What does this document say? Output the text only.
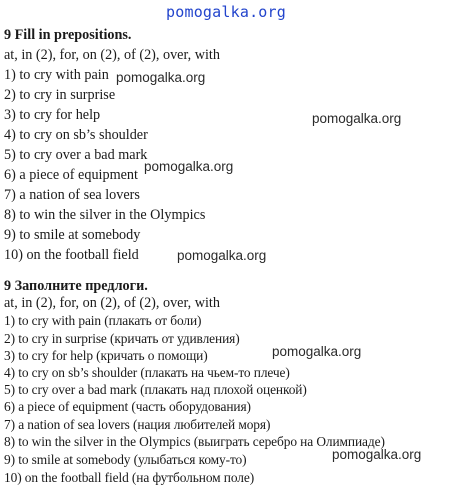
pomogalka.org
9 Fill in prepositions.
at, in (2), for, on (2), of (2), over, with
1) to cry with pain
2) to cry in surprise
3) to cry for help
4) to cry on sb’s shoulder
5) to cry over a bad mark
6) a piece of equipment
7) a nation of sea lovers
8) to win the silver in the Olympics
9) to smile at somebody
10) on the football field
9 Заполните предлоги.
at, in (2), for, on (2), of (2), over, with
1) to cry with pain (плакать от боли)
2) to cry in surprise (кричать от удивления)
3) to cry for help (кричать о помощи)
4) to cry on sb’s shoulder (плакать на чьем-то плече)
5) to cry over a bad mark (плакать над плохой оценкой)
6) a piece of equipment (часть оборудования)
7) a nation of sea lovers (нация любителей моря)
8) to win the silver in the Olympics (выиграть серебро на Олимпиаде)
9) to smile at somebody (улыбаться кому-то)
10) on the football field (на футбольном поле)
pomogalka.org
pomogalka.org
pomogalka.org
pomogalka.org
pomogalka.org
pomogalka.org
